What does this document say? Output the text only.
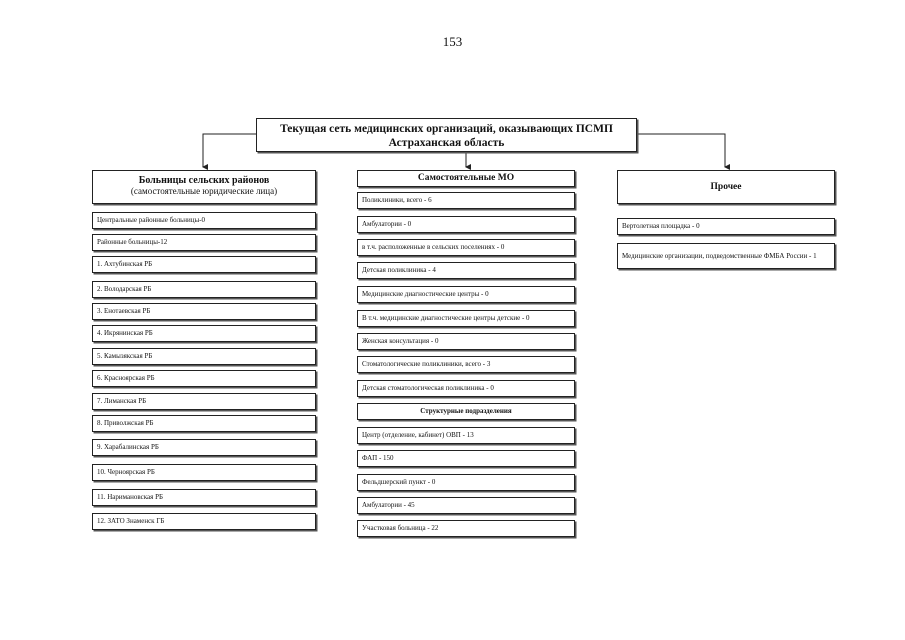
153
Текущая сеть медицинских организаций, оказывающих ПСМП
Астраханская область
Больницы сельских районов
(самостоятельные юридические лица)
Центральные районные больницы-0
Районные больницы-12
1. Ахтубинская РБ
2. Володарская РБ
3. Енотаевская РБ
4. Икрянинская РБ
5. Камызякская РБ
6. Красноярская РБ
7. Лиманская РБ
8. Приволжская РБ
9. Харабалинская РБ
10. Черноярская РБ
11. Наримановская РБ
12. ЗАТО Знаменск ГБ
Самостоятельные МО
Поликлиники, всего - 6
Амбулатории - 0
в т.ч. расположенные в сельских поселениях - 0
Детская поликлиника - 4
Медицинские диагностические центры - 0
В т.ч. медицинские диагностические центры детские - 0
Женская консультация - 0
Стоматологические поликлиники, всего - 3
Детская стоматологическая поликлиника - 0
Структурные подразделения
Центр (отделение, кабинет) ОВП - 13
ФАП - 150
Фельдшерский пункт - 0
Амбулатории - 45
Участковая больница - 22
Прочее
Вертолетная площадка - 0
Медицинские организации, подведомственные ФМБА России - 1
